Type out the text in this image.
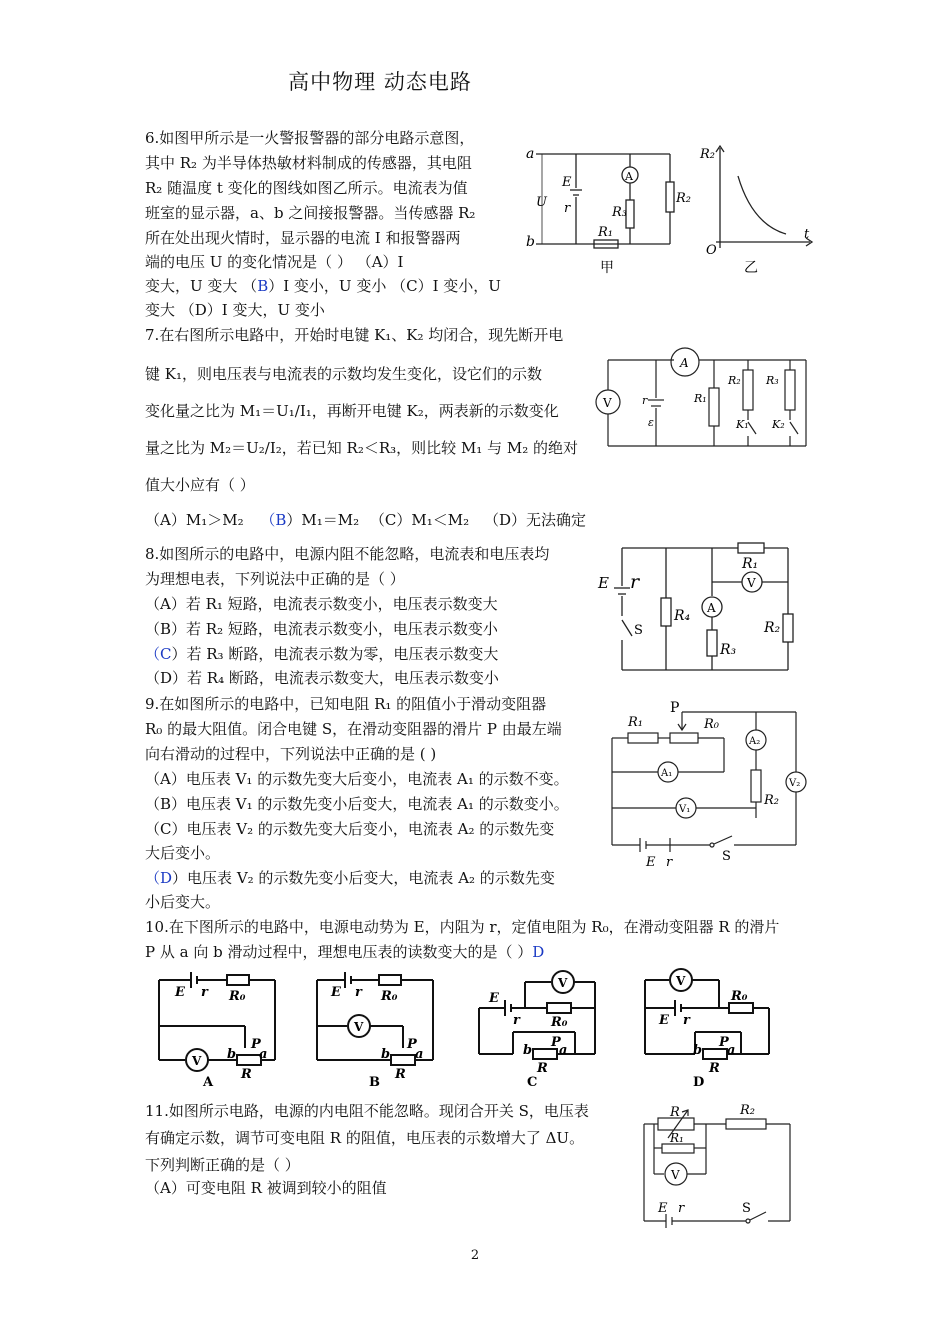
高中物理 动态电路
6.如图甲所示是一火警报警器的部分电路示意图，
其中 R₂ 为半导体热敏材料制成的传感器，其电阻
R₂ 随温度 t 变化的图线如图乙所示。电流表为值
班室的显示器，a、b 之间接报警器。当传感器 R₂
所在处出现火情时，显示器的电流 I 和报警器两
端的电压 U 的变化情况是（ ） （A）I
变大，U 变大 （B）I 变小，U 变小 （C）I 变小，U
变大 （D）I 变大，U 变小
a
b
E
r
U
A
R₂
R₃
R₁
甲
R₂
O
t
乙
7.在右图所示电路中，开始时电键 K₁、K₂ 均闭合，现先断开电
键 K₁，则电压表与电流表的示数均发生变化，设它们的示数
变化量之比为 M₁＝U₁/I₁，再断开电键 K₂，两表新的示数变化
量之比为 M₂＝U₂/I₂，若已知 R₂＜R₃，则比较 M₁ 与 M₂ 的绝对
值大小应有（ ）
（A）M₁＞M₂ （B）M₁＝M₂ （C）M₁＜M₂ （D）无法确定
A
V	r
ε
R₁
R₂ R₃
K₁ K₂
8.如图所示的电路中，电源内阻不能忽略，电流表和电压表均
为理想电表，下列说法中正确的是（ ）
（A）若 R₁ 短路，电流表示数变小，电压表示数变大
（B）若 R₂ 短路，电流表示数变小，电压表示数变小
（C）若 R₃ 断路，电流表示数为零，电压表示数变大
（D）若 R₄ 断路，电流表示数变大，电压表示数变小
E r
S
R₁
V
A
R₄
R₂
R₃
9.在如图所示的电路中，已知电阻 R₁ 的阻值小于滑动变阻器
R₀ 的最大阻值。闭合电键 S，在滑动变阻器的滑片 P 由最左端
向右滑动的过程中，下列说法中正确的是 ( )
（A）电压表 V₁ 的示数先变大后变小，电流表 A₁ 的示数不变。
（B）电压表 V₁ 的示数先变小后变大，电流表 A₁ 的示数变小。
（C）电压表 V₂ 的示数先变大后变小，电流表 A₂ 的示数先变
大后变小。
（D）电压表 V₂ 的示数先变小后变大，电流表 A₂ 的示数先变
小后变大。
P
R₁	R₀
A₂
A₁
V₂
V₁
R₂
E r	S
10.在下图所示的电路中，电源电动势为 E，内阻为 r，定值电阻为 R₀，在滑动变阻器 R 的滑片
P 从 a 向 b 滑动过程中，理想电压表的读数变大的是（ ）D
E r R₀
V
P
a
b
R
E r R₀
V
P
a
b
R
E
r R₀
V
P
a
b
R
E r
R₀
V
P
a
b
R
A	B	C	D
11.如图所示电路，电源的内电阻不能忽略。现闭合开关 S，电压表
有确定示数，调节可变电阻 R 的阻值，电压表的示数增大了 ΔU。
下列判断正确的是（ ）
（A）可变电阻 R 被调到较小的阻值
R
R₁
R₂
V
E r	S
2
